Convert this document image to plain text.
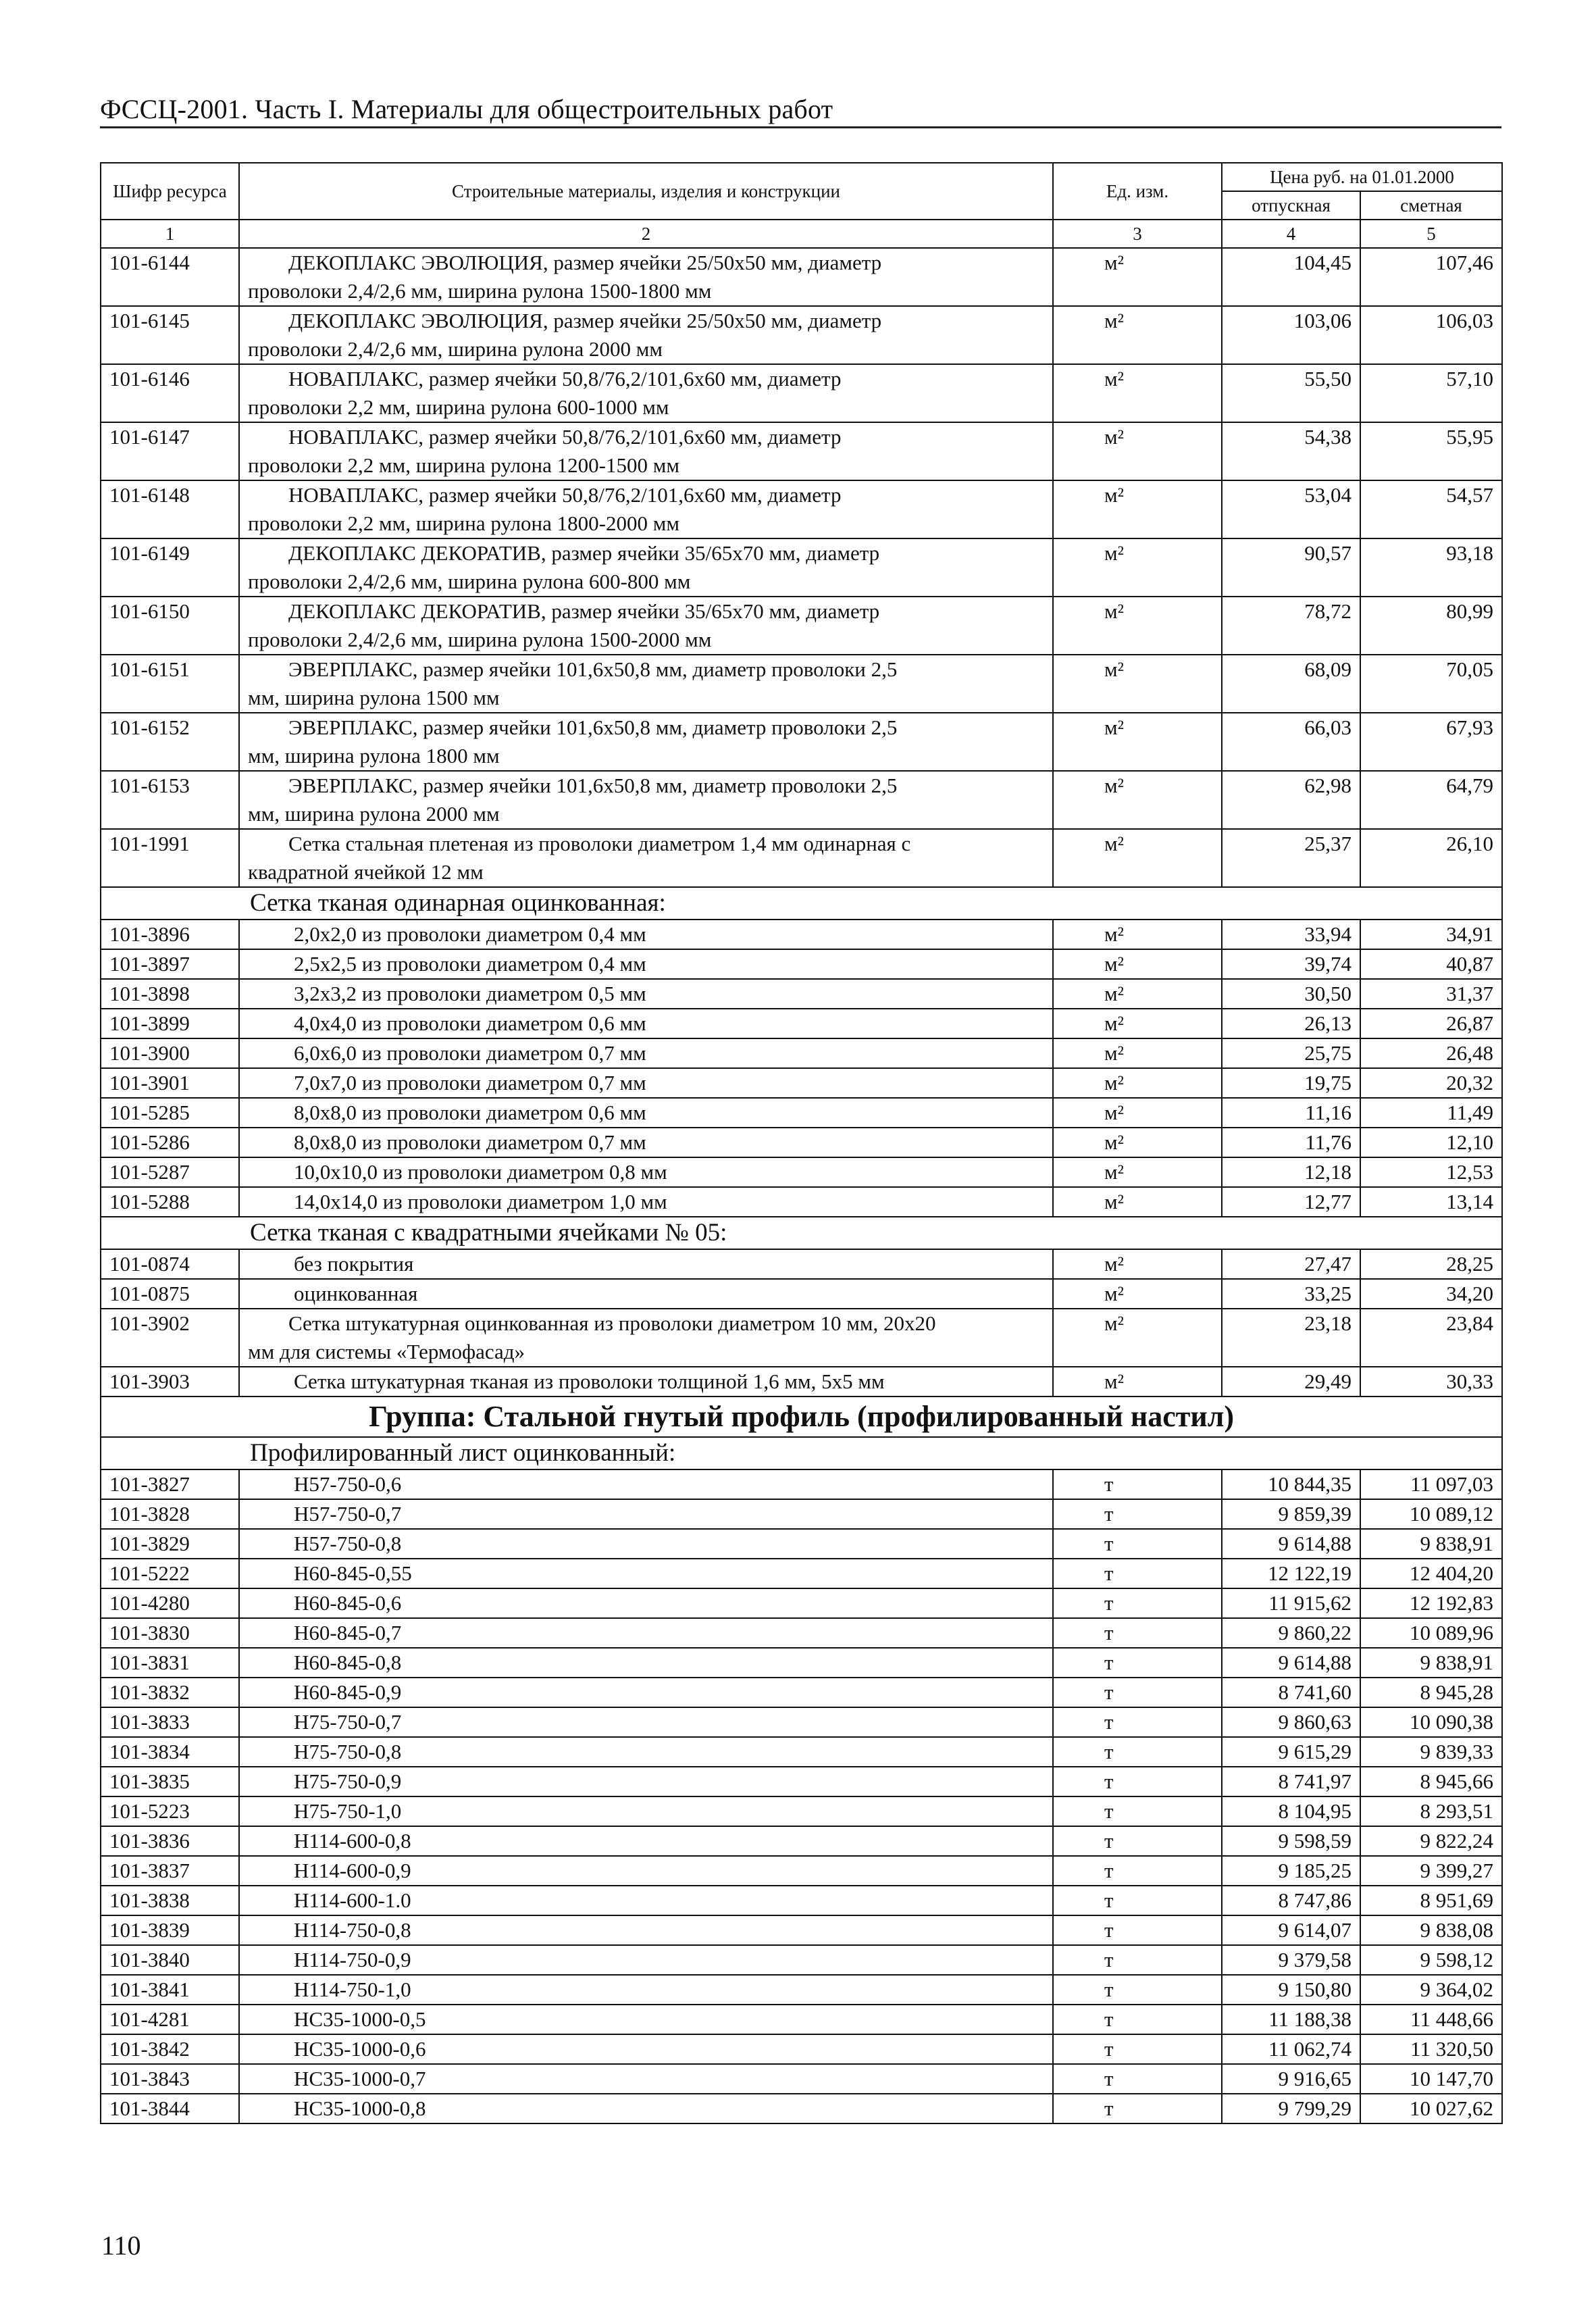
ФССЦ-2001. Часть I. Материалы для общестроительных работ
Шифр ресурса	Строительные материалы, изделия и конструкции	Ед. изм.	Цена руб. на 01.01.2000	
			отпускная	сметная
1	2	3	4	5
101-6144	ДЕКОПЛАКС ЭВОЛЮЦИЯ, размер ячейки 25/50х50 мм, диаметр
проволоки 2,4/2,6 мм, ширина рулона 1500-1800 мм	м²	104,45	107,46
101-6145	ДЕКОПЛАКС ЭВОЛЮЦИЯ, размер ячейки 25/50х50 мм, диаметр
проволоки 2,4/2,6 мм, ширина рулона 2000 мм	м²	103,06	106,03
101-6146	НОВАПЛАКС, размер ячейки 50,8/76,2/101,6х60 мм, диаметр
проволоки 2,2 мм, ширина рулона 600-1000 мм	м²	55,50	57,10
101-6147	НОВАПЛАКС, размер ячейки 50,8/76,2/101,6х60 мм, диаметр
проволоки 2,2 мм, ширина рулона 1200-1500 мм	м²	54,38	55,95
101-6148	НОВАПЛАКС, размер ячейки 50,8/76,2/101,6х60 мм, диаметр
проволоки 2,2 мм, ширина рулона 1800-2000 мм	м²	53,04	54,57
101-6149	ДЕКОПЛАКС ДЕКОРАТИВ, размер ячейки 35/65х70 мм, диаметр
проволоки 2,4/2,6 мм, ширина рулона 600-800 мм	м²	90,57	93,18
101-6150	ДЕКОПЛАКС ДЕКОРАТИВ, размер ячейки 35/65х70 мм, диаметр
проволоки 2,4/2,6 мм, ширина рулона 1500-2000 мм	м²	78,72	80,99
101-6151	ЭВЕРПЛАКС, размер ячейки 101,6х50,8 мм, диаметр проволоки 2,5
мм, ширина рулона 1500 мм	м²	68,09	70,05
101-6152	ЭВЕРПЛАКС, размер ячейки 101,6х50,8 мм, диаметр проволоки 2,5
мм, ширина рулона 1800 мм	м²	66,03	67,93
101-6153	ЭВЕРПЛАКС, размер ячейки 101,6х50,8 мм, диаметр проволоки 2,5
мм, ширина рулона 2000 мм	м²	62,98	64,79
101-1991	Сетка стальная плетеная из проволоки диаметром 1,4 мм одинарная с
квадратной ячейкой 12 мм	м²	25,37	26,10
Сетка тканая одинарная оцинкованная:				
101-3896	2,0х2,0 из проволоки диаметром 0,4 мм	м²	33,94	34,91
101-3897	2,5х2,5 из проволоки диаметром 0,4 мм	м²	39,74	40,87
101-3898	3,2х3,2 из проволоки диаметром 0,5 мм	м²	30,50	31,37
101-3899	4,0х4,0 из проволоки диаметром 0,6 мм	м²	26,13	26,87
101-3900	6,0х6,0 из проволоки диаметром 0,7 мм	м²	25,75	26,48
101-3901	7,0х7,0 из проволоки диаметром 0,7 мм	м²	19,75	20,32
101-5285	8,0х8,0 из проволоки диаметром 0,6 мм	м²	11,16	11,49
101-5286	8,0х8,0 из проволоки диаметром 0,7 мм	м²	11,76	12,10
101-5287	10,0х10,0 из проволоки диаметром 0,8 мм	м²	12,18	12,53
101-5288	14,0х14,0 из проволоки диаметром 1,0 мм	м²	12,77	13,14
Сетка тканая с квадратными ячейками № 05:				
101-0874	без покрытия	м²	27,47	28,25
101-0875	оцинкованная	м²	33,25	34,20
101-3902	Сетка штукатурная оцинкованная из проволоки диаметром 10 мм, 20х20
мм для системы «Термофасад»	м²	23,18	23,84
101-3903	Сетка штукатурная тканая из проволоки толщиной 1,6 мм, 5х5 мм	м²	29,49	30,33
Группа: Стальной гнутый профиль (профилированный настил)				
Профилированный лист оцинкованный:				
101-3827	Н57-750-0,6	т	10 844,35	11 097,03
101-3828	Н57-750-0,7	т	9 859,39	10 089,12
101-3829	Н57-750-0,8	т	9 614,88	9 838,91
101-5222	Н60-845-0,55	т	12 122,19	12 404,20
101-4280	Н60-845-0,6	т	11 915,62	12 192,83
101-3830	Н60-845-0,7	т	9 860,22	10 089,96
101-3831	Н60-845-0,8	т	9 614,88	9 838,91
101-3832	Н60-845-0,9	т	8 741,60	8 945,28
101-3833	Н75-750-0,7	т	9 860,63	10 090,38
101-3834	Н75-750-0,8	т	9 615,29	9 839,33
101-3835	Н75-750-0,9	т	8 741,97	8 945,66
101-5223	Н75-750-1,0	т	8 104,95	8 293,51
101-3836	Н114-600-0,8	т	9 598,59	9 822,24
101-3837	Н114-600-0,9	т	9 185,25	9 399,27
101-3838	Н114-600-1.0	т	8 747,86	8 951,69
101-3839	Н114-750-0,8	т	9 614,07	9 838,08
101-3840	Н114-750-0,9	т	9 379,58	9 598,12
101-3841	Н114-750-1,0	т	9 150,80	9 364,02
101-4281	НС35-1000-0,5	т	11 188,38	11 448,66
101-3842	НС35-1000-0,6	т	11 062,74	11 320,50
101-3843	НС35-1000-0,7	т	9 916,65	10 147,70
101-3844	НС35-1000-0,8	т	9 799,29	10 027,62
110
